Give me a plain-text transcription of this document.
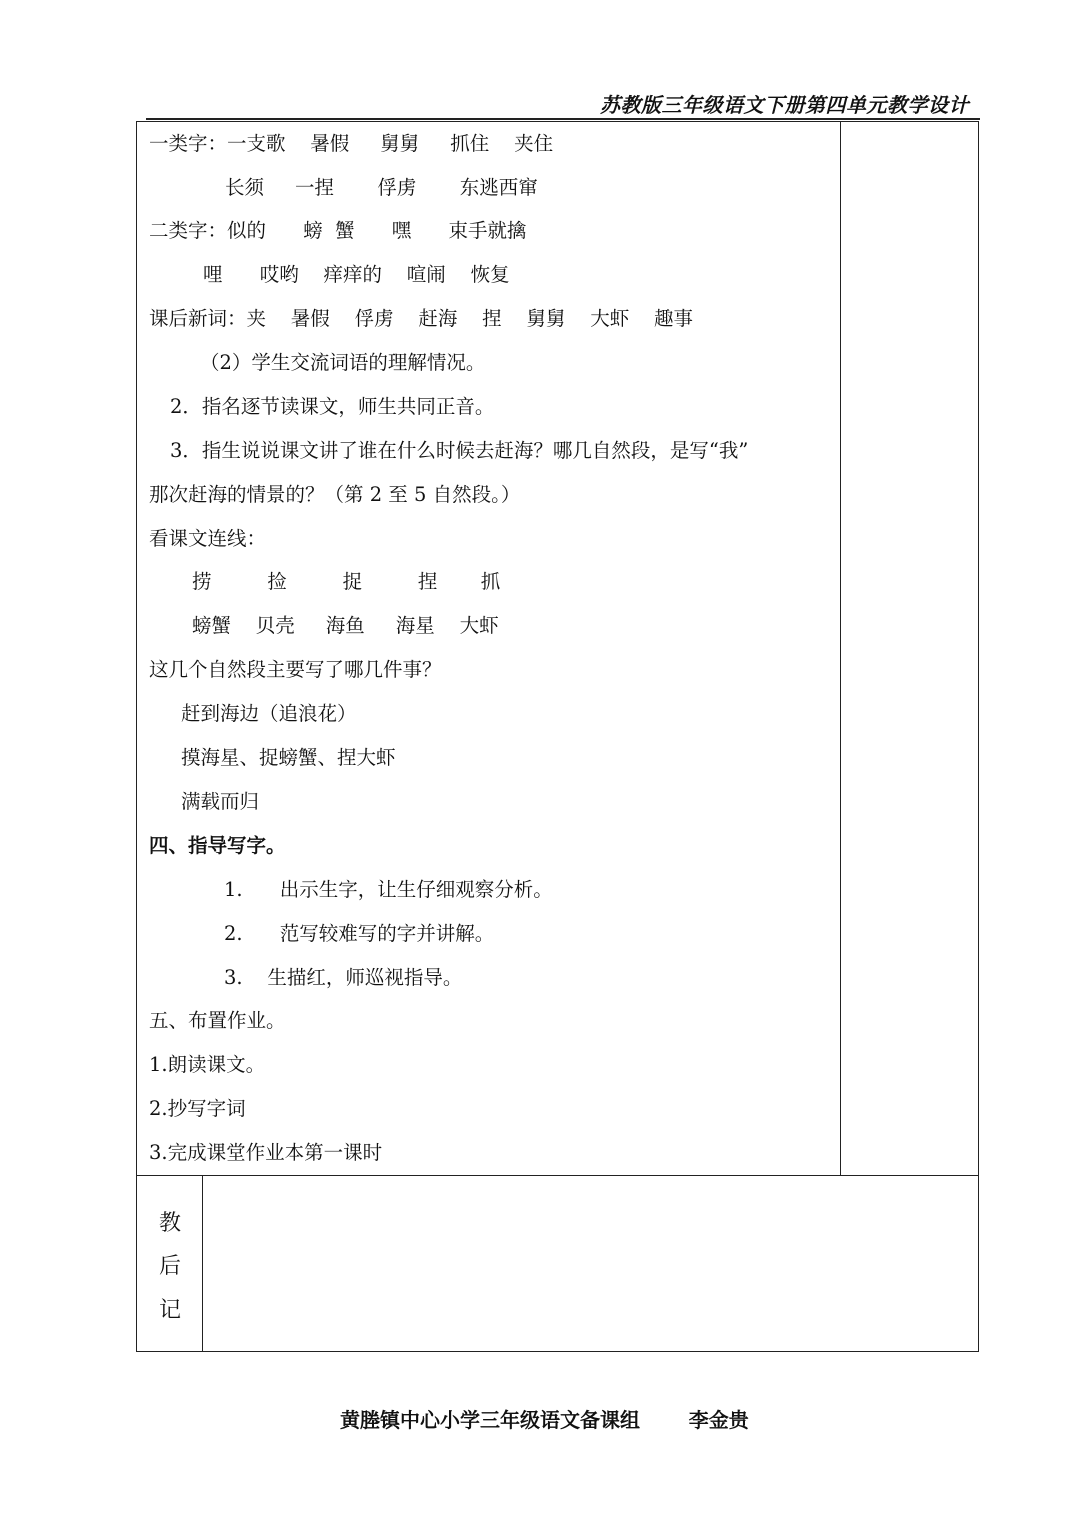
苏教版三年级语文下册第四单元教学设计
一类字：一支歌    暑假     舅舅     抓住    夹住
长须     一捏       俘虏       东逃西窜
二类字：似的      螃  蟹      嘿      束手就擒
哩      哎哟    痒痒的    喧闹    恢复
课后新词：夹    暑假    俘虏    赶海    捏    舅舅    大虾    趣事
（2）学生交流词语的理解情况。
2．指名逐节读课文，师生共同正音。
3．指生说说课文讲了谁在什么时候去赶海？哪几自然段，是写“我”
那次赶海的情景的？（第 2 至 5 自然段。）
看课文连线：
捞         捡         捉         捏       抓
螃蟹    贝壳     海鱼     海星    大虾
这几个自然段主要写了哪几件事？
赶到海边（追浪花）
摸海星、捉螃蟹、捏大虾
满载而归
四、指导写字。
1.      出示生字，让生仔细观察分析。
2.      范写较难写的字并讲解。
3.    生描红，师巡视指导。
五、布置作业。
1.朗读课文。
2.抄写字词
3.完成课堂作业本第一课时
教
后
记
黄塍镇中心小学三年级语文备课组 李金贵
